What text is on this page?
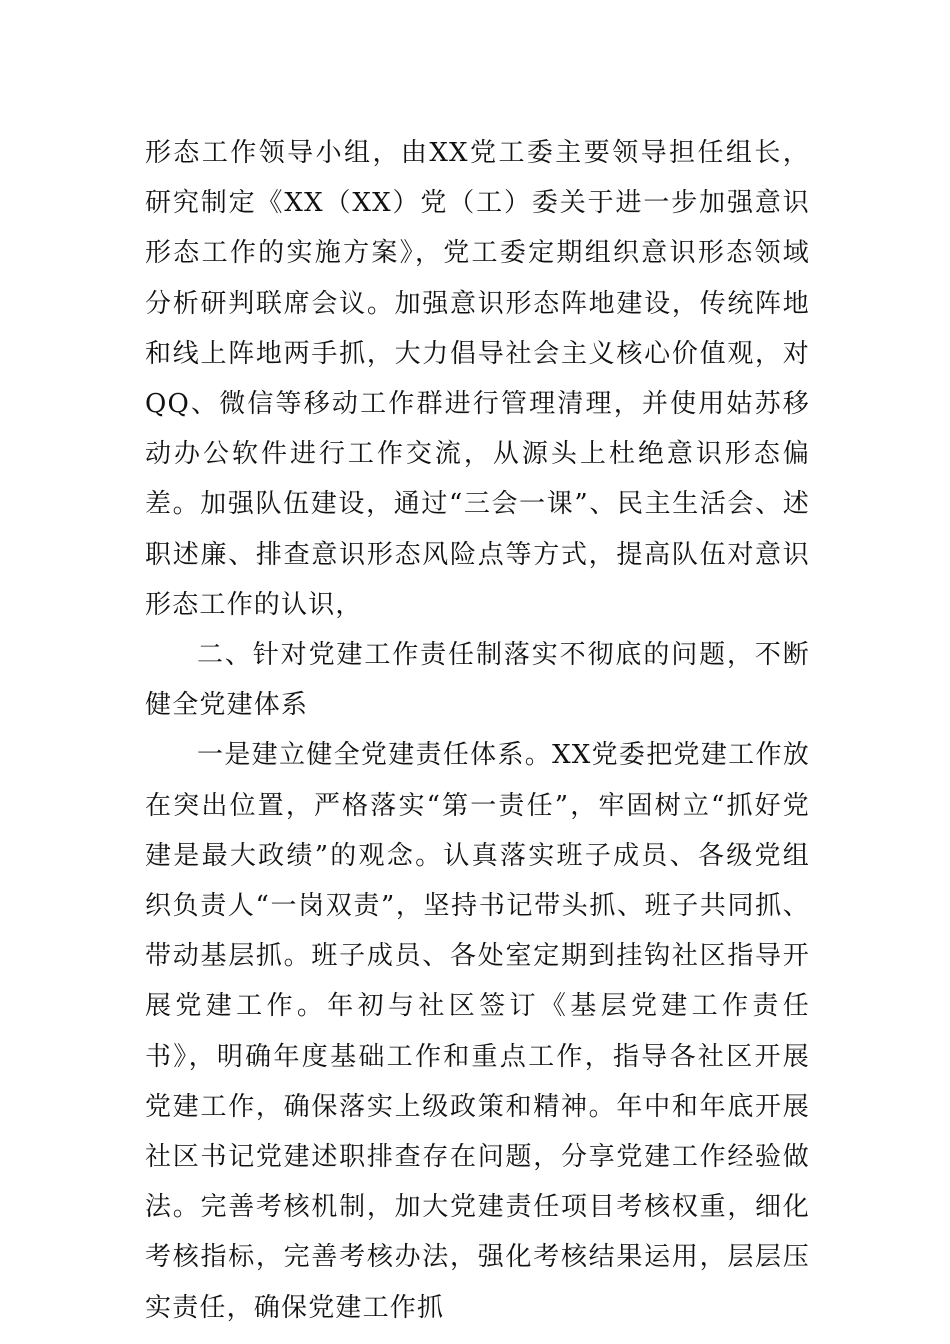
形态工作领导小组，由XX党工委主要领导担任组长，研究制定《XX（XX）党（工）委关于进一步加强意识形态工作的实施方案》，党工委定期组织意识形态领域分析研判联席会议。加强意识形态阵地建设，传统阵地和线上阵地两手抓，大力倡导社会主义核心价值观，对QQ、微信等移动工作群进行管理清理，并使用姑苏移动办公软件进行工作交流，从源头上杜绝意识形态偏差。加强队伍建设，通过“三会一课”、民主生活会、述职述廉、排查意识形态风险点等方式，提高队伍对意识形态工作的认识，

二、针对党建工作责任制落实不彻底的问题，不断健全党建体系

一是建立健全党建责任体系。XX党委把党建工作放在突出位置，严格落实“第一责任”，牢固树立“抓好党建是最大政绩”的观念。认真落实班子成员、各级党组织负责人“一岗双责”，坚持书记带头抓、班子共同抓、带动基层抓。班子成员、各处室定期到挂钩社区指导开展党建工作。年初与社区签订《基层党建工作责任书》，明确年度基础工作和重点工作，指导各社区开展党建工作，确保落实上级政策和精神。年中和年底开展社区书记党建述职排查存在问题，分享党建工作经验做法。完善考核机制，加大党建责任项目考核权重，细化考核指标，完善考核办法，强化考核结果运用，层层压实责任，确保党建工作抓
